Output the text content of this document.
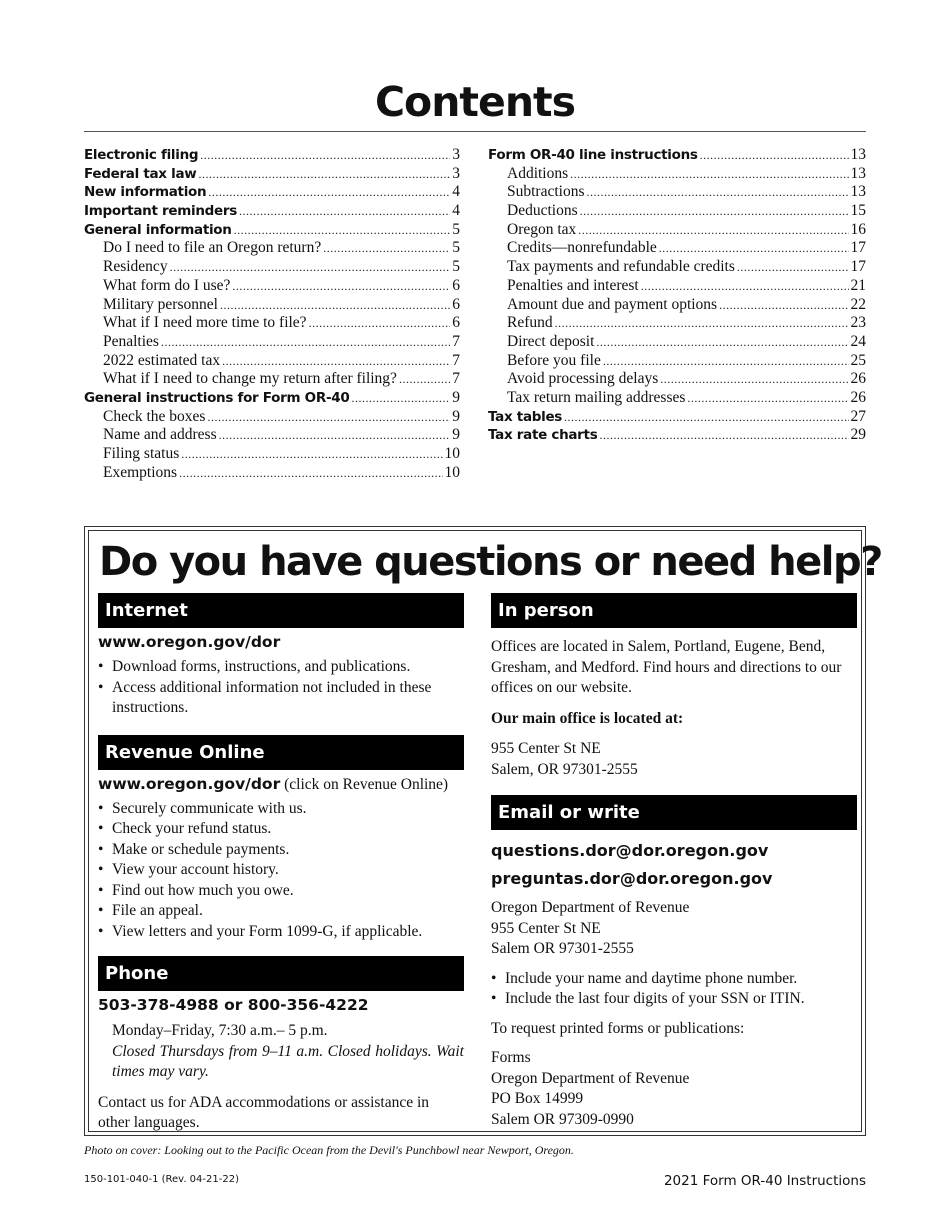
Contents
Electronic filing .....	3
Federal tax law .....	3
New information .....	4
Important reminders .....	4
General information .....	5
Do I need to file an Oregon return? .....	5
Residency .....	5
What form do I use? .....	6
Military personnel .....	6
What if I need more time to file? .....	6
Penalties .....	7
2022 estimated tax .....	7
What if I need to change my return after filing? .....	7
General instructions for Form OR-40 .....	9
Check the boxes .....	9
Name and address .....	9
Filing status .....	10
Exemptions .....	10
Form OR-40 line instructions .....	13
Additions .....	13
Subtractions .....	13
Deductions .....	15
Oregon tax .....	16
Credits—nonrefundable .....	17
Tax payments and refundable credits .....	17
Penalties and interest .....	21
Amount due and payment options .....	22
Refund .....	23
Direct deposit .....	24
Before you file .....	25
Avoid processing delays .....	26
Tax return mailing addresses .....	26
Tax tables .....	27
Tax rate charts .....	29
Do you have questions or need help?
Internet
www.oregon.gov/dor
• Download forms, instructions, and publications.
• Access additional information not included in these instructions.
Revenue Online
www.oregon.gov/dor (click on Revenue Online)
• Securely communicate with us.
• Check your refund status.
• Make or schedule payments.
• View your account history.
• Find out how much you owe.
• File an appeal.
• View letters and your Form 1099-G, if applicable.
Phone
503-378-4988 or 800-356-4222

Monday–Friday, 7:30 a.m.– 5 p.m.

Closed Thursdays from 9–11 a.m. Closed holidays. Wait times may vary.

Contact us for ADA accommodations or assistance in other languages.

In person

Offices are located in Salem, Portland, Eugene, Bend, Gresham, and Medford. Find hours and directions to our offices on our website.

Our main office is located at:

955 Center St NE

Salem, OR 97301-2555

Email or write
questions.dor@dor.oregon.gov
preguntas.dor@dor.oregon.gov

Oregon Department of Revenue

955 Center St NE

Salem OR 97301-2555

• Include your name and daytime phone number.
• Include the last four digits of your SSN or ITIN.

To request printed forms or publications:

Forms

Oregon Department of Revenue

PO Box 14999

Salem OR 97309-0990

Photo on cover: Looking out to the Pacific Ocean from the Devil's Punchbowl near Newport, Oregon.
150-101-040-1 (Rev. 04-21-22)	2021 Form OR-40 Instructions
